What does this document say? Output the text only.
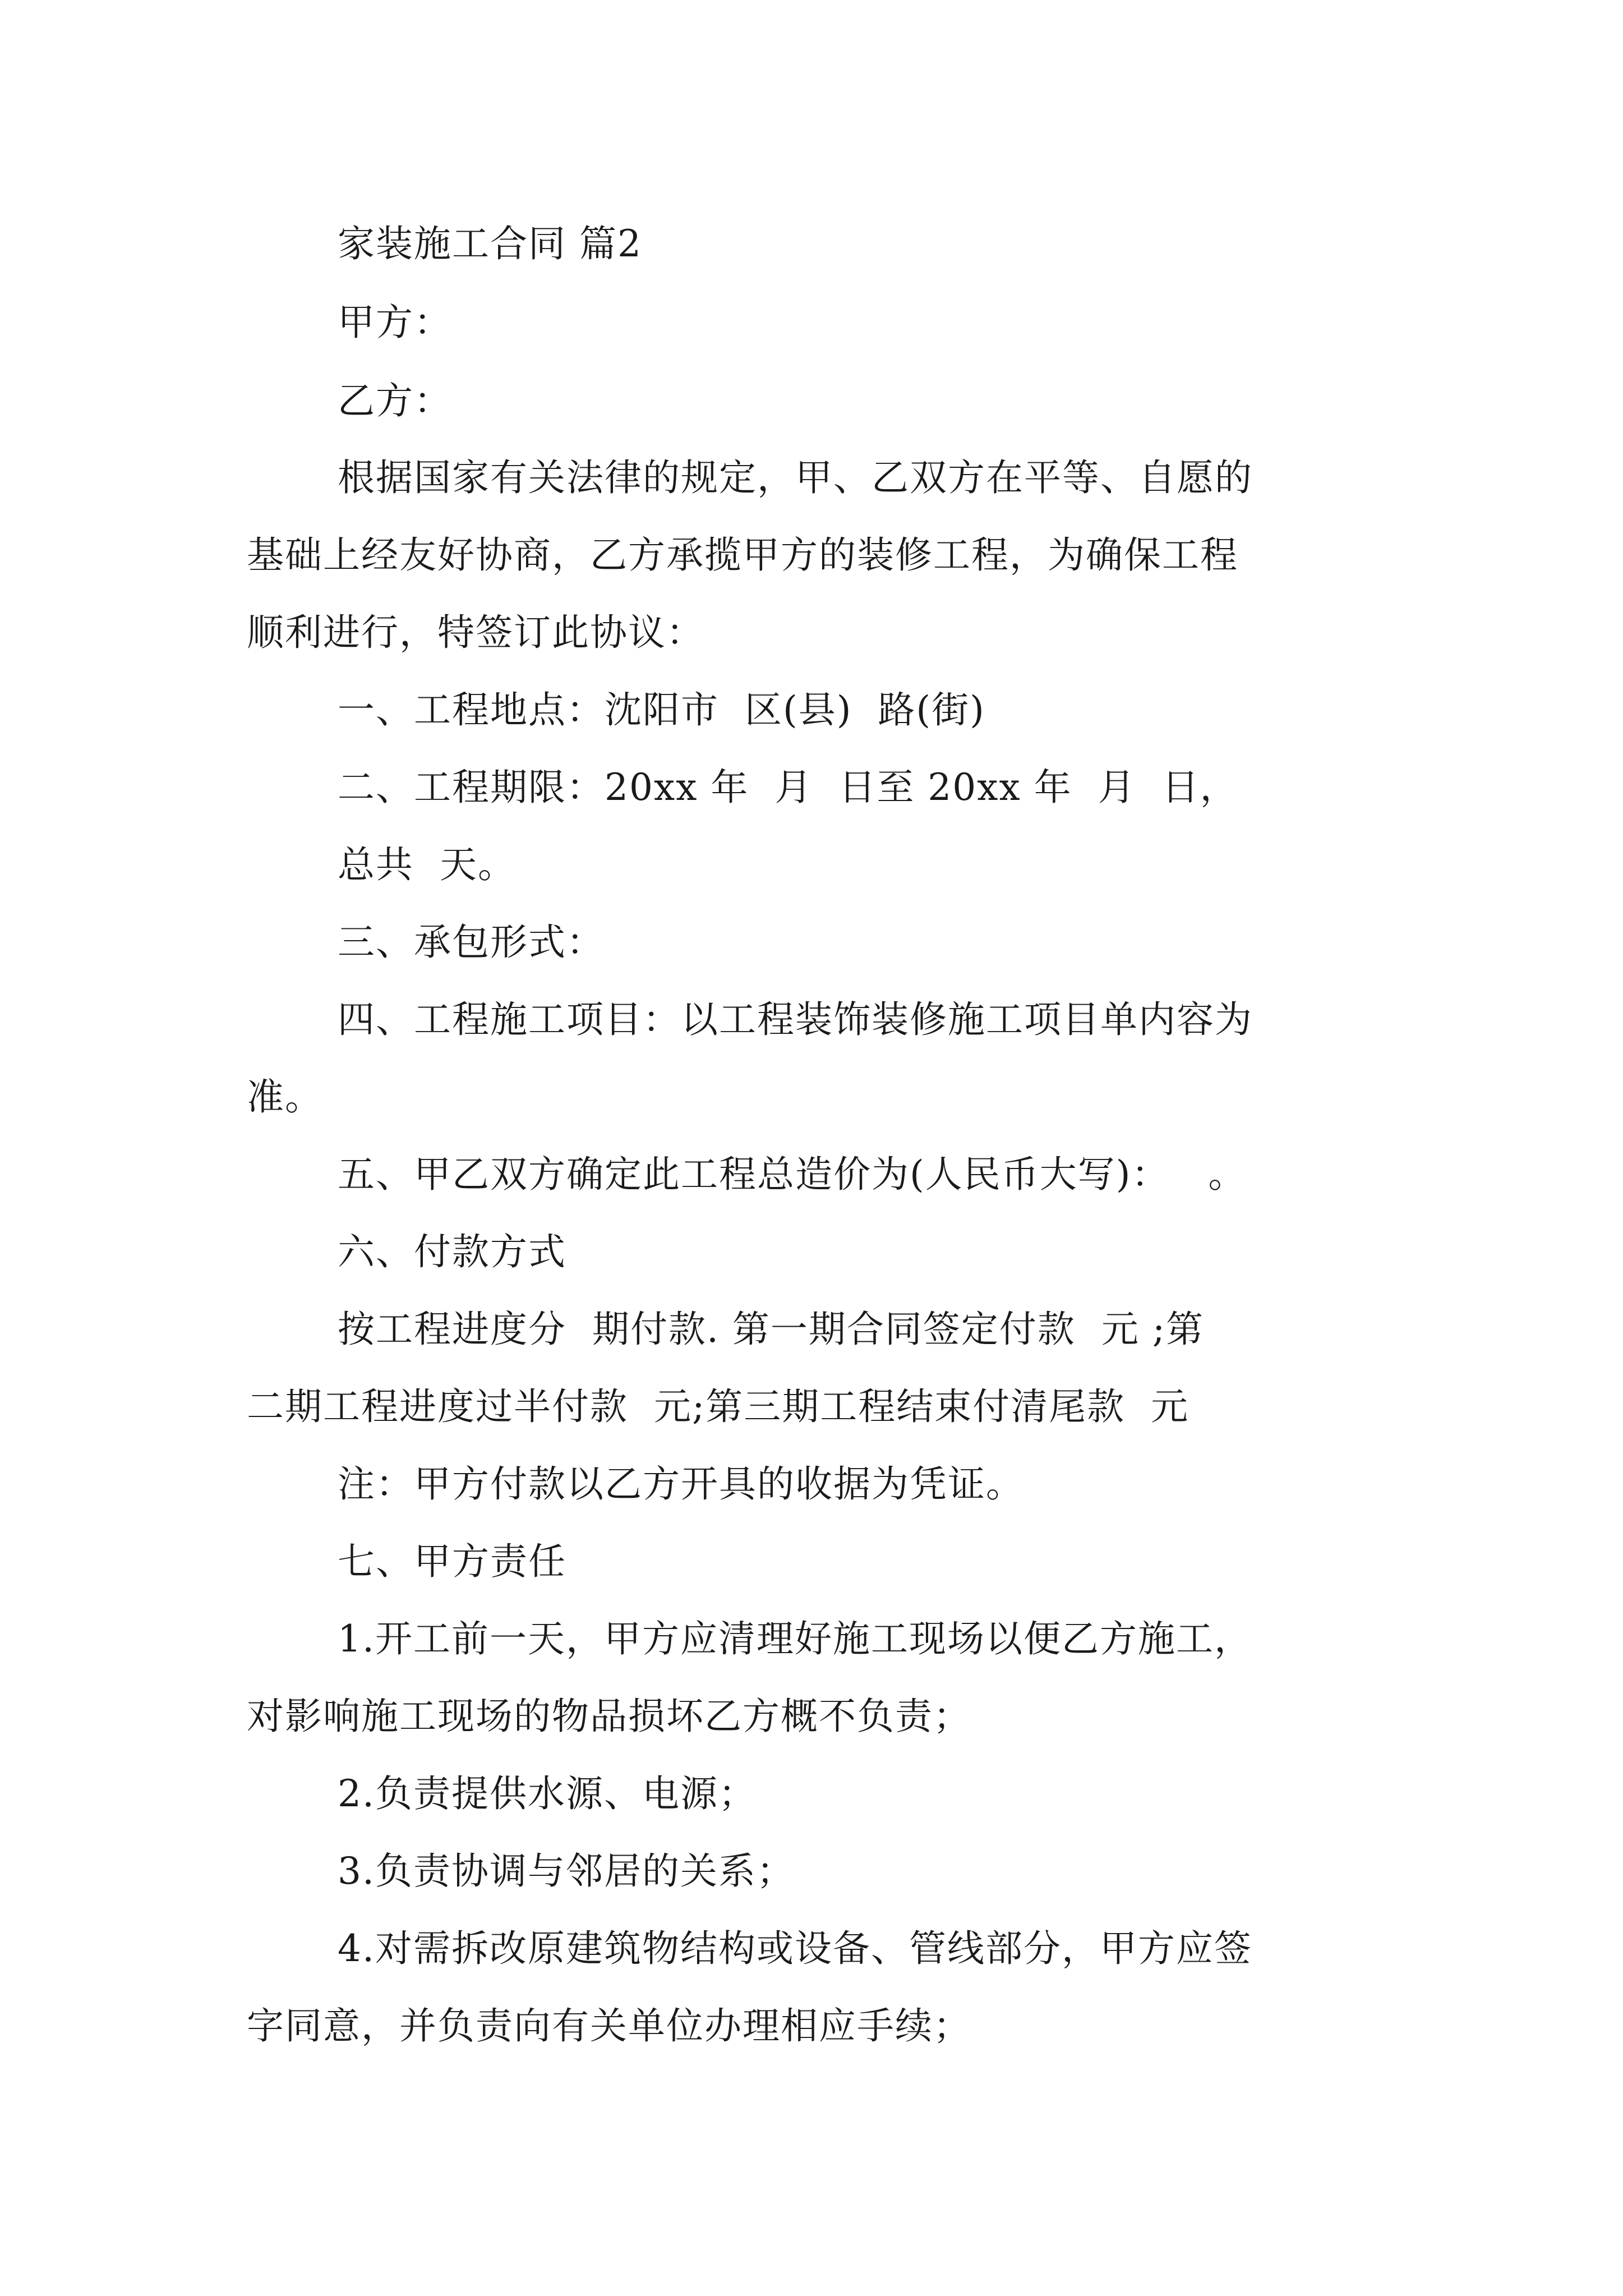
家装施工合同 篇2
甲方：
乙方：
根据国家有关法律的规定，甲、乙双方在平等、自愿的
基础上经友好协商，乙方承揽甲方的装修工程，为确保工程
顺利进行，特签订此协议：
一、工程地点：沈阳市  区(县)  路(街)
二、工程期限：20xx 年  月  日至 20xx 年  月  日，
总共  天。
三、承包形式：
四、工程施工项目：以工程装饰装修施工项目单内容为
准。
五、甲乙双方确定此工程总造价为(人民币大写)：   。
六、付款方式
按工程进度分  期付款. 第一期合同签定付款  元 ;第
二期工程进度过半付款  元;第三期工程结束付清尾款  元
注：甲方付款以乙方开具的收据为凭证。
七、甲方责任
1.开工前一天，甲方应清理好施工现场以便乙方施工，
对影响施工现场的物品损坏乙方概不负责；
2.负责提供水源、电源；
3.负责协调与邻居的关系；
4.对需拆改原建筑物结构或设备、管线部分，甲方应签
字同意，并负责向有关单位办理相应手续；
